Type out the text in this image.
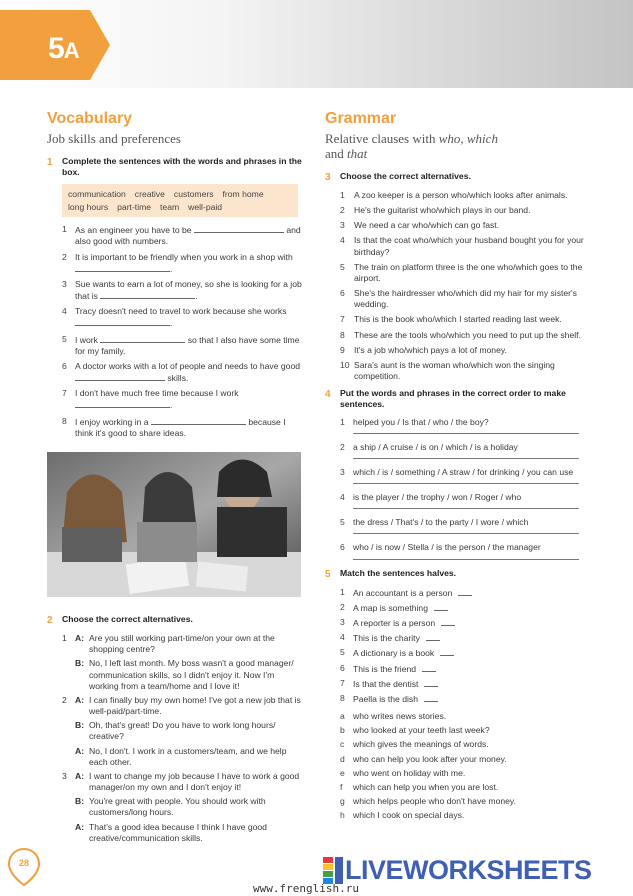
5A
Vocabulary
Job skills and preferences
1	Complete the sentences with the words and phrases in the box.
communication creative customers from homelong hours part-time team well-paid
1 As an engineer you have to be	and also good with numbers.
2 It is important to be friendly when you work in a shop with .
3 Sue wants to earn a lot of money, so she is looking for a job that is	.
4 Tracy doesn't need to travel to work because she works .
5 I work	so that I also have some time for my family.
6 A doctor works with a lot of people and needs to have good  skills.
7 I don't have much free time because I work .
8 I enjoy working in a	because I think it's good to share ideas.
2	Choose the correct alternatives.
1 A: Are you still working part-time/on your own at the shopping centre?
B: No, I left last month. My boss wasn't a good manager/ communication skills, so I didn't enjoy it. Now I'm working from a team/home and I love it!
2 A: I can finally buy my own home! I've got a new job that is well-paid/part-time.
B: Oh, that's great! Do you have to work long hours/ creative?
A: No, I don't. I work in a customers/team, and we help each other.
3 A: I want to change my job because I have to work a good manager/on my own and I don't enjoy it!
B: You're great with people. You should work with customers/long hours.
A: That's a good idea because I think I have good creative/communication skills.
Grammar
Relative clauses with who, which
and that
3	Choose the correct alternatives.
1	A zoo keeper is a person who/which looks after animals.
2	He's the guitarist who/which plays in our band.
3	We need a car who/which can go fast.
4	Is that the coat who/which your husband bought you for your birthday?
5	The train on platform three is the one who/which goes to the airport.
6	She's the hairdresser who/which did my hair for my sister's wedding.
7	This is the book who/which I started reading last week.
8	These are the tools who/which you need to put up the shelf.
9	It's a job who/which pays a lot of money.
10 Sara's aunt is the woman who/which won the singing competition.
4	Put the words and phrases in the correct order to make sentences.
1 helped you / Is that / who / the boy?
2 a ship / A cruise / is on / which / is a holiday
3 which / is / something / A straw / for drinking / you can use
4 is the player / the trophy / won / Roger / who
5 the dress / That's / to the party / I wore / which
6 who / is now / Stella / is the person / the manager
5	Match the sentences halves.
1 An accountant is a person
2 A map is something
3 A reporter is a person
4 This is the charity
5 A dictionary is a book
6 This is the friend
7 Is that the dentist
8 Paella is the dish
a who writes news stories.
b who looked at your teeth last week?
c	which gives the meanings of words.
d who can help you look after your money.
e who went on holiday with me.
f	which can help you when you are lost.
g which helps people who don't have money.
h which I cook on special days.
28	LIVEWORKSHEETS
www.frenglish.ru
